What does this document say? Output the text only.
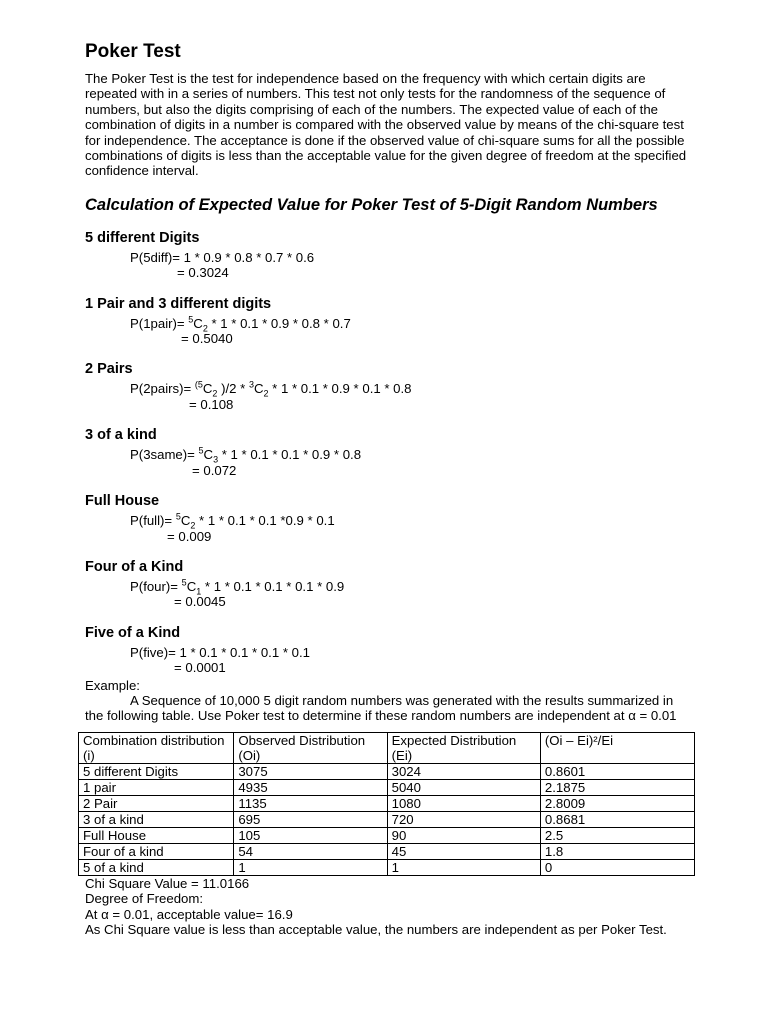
Poker Test

The Poker Test is the test for independence based on the frequency with which certain digits are repeated with in a series of numbers. This test not only tests for the randomness of the sequence of numbers, but also the digits comprising of each of the numbers. The expected value of each of the combination of digits in a number is compared with the observed value by means of the chi-square test for independence. The acceptance is done if the observed value of chi-square sums for all the possible combinations of digits is less than the acceptable value for the given degree of freedom at the specified confidence interval.

Calculation of Expected Value for Poker Test of 5-Digit Random Numbers
5 different Digits
P(5diff)= 1 * 0.9 * 0.8 * 0.7 * 0.6
= 0.3024
1 Pair and 3 different digits
P(1pair)= $^5C_2 * 1 * 0.1 * 0.9 * 0.8 * 0.7$
= 0.5040
2 Pairs
P(2pairs)= $^{(5}C_2$ )$/2 * ^3C_2 * 1 * 0.1 * 0.9 * 0.1 * 0.8$
= 0.108
3 of a kind
P(3same)= $^5C_3 * 1 * 0.1 * 0.1 * 0.9 * 0.8$
= 0.072
Full House
P(full)= $^5C_2 * 1 * 0.1 * 0.1$ *0.9 * 0.1
= 0.009
Four of a Kind
P(four)= $^5C_1 * 1 * 0.1 * 0.1 * 0.1 * 0.9$
= 0.0045
Five of a Kind
P(five)= 1 * 0.1 * 0.1 * 0.1 * 0.1
= 0.0001
Example:
A Sequence of 10,000 5 digit random numbers was generated with the results summarized in the following table. Use Poker test to determine if these random numbers are independent at α = 0.01
Combination distribution (i)	Observed Distribution (Oi)	Expected Distribution (Ei)	(Oi – Ei)²/Ei
5 different Digits	3075	3024	0.8601
1 pair	4935	5040	2.1875
2 Pair	1135	1080	2.8009
3 of a kind	695	720	0.8681
Full House	105	90	2.5
Four of a kind	54	45	1.8
5 of a kind	1	1	0
Chi Square Value = 11.0166
Degree of Freedom:
At α = 0.01, acceptable value= 16.9
As Chi Square value is less than acceptable value, the numbers are independent as per Poker Test.
